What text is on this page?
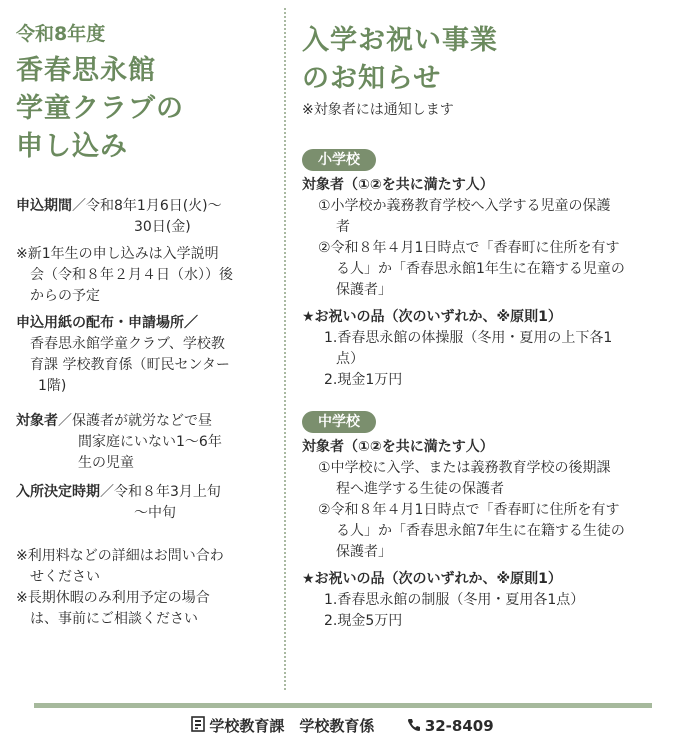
令和8年度

香春思永館

学童クラブの

申し込み

申込期間／令和8年1月6日(火)〜

30日(金)

※新1年生の申し込みは入学説明

会（令和８年２月４日（水））後

からの予定

申込用紙の配布・申請場所／

香春思永館学童クラブ、学校教

育課 学校教育係（町民センター

1階)

対象者／保護者が就労などで昼

間家庭にいない1〜6年

生の児童

入所決定時期／令和８年3月上旬

〜中旬

※利用料などの詳細はお問い合わ

せください

※長期休暇のみ利用予定の場合

は、事前にご相談ください

入学お祝い事業

のお知らせ

※対象者には通知します

小学校

対象者（①②を共に満たす人）

①小学校か義務教育学校へ入学する児童の保護

者

②令和８年４月1日時点で「香春町に住所を有す

る人」か「香春思永館1年生に在籍する児童の

保護者」

★お祝いの品（次のいずれか、※原則1）

1.香春思永館の体操服（冬用・夏用の上下各1

点）

2.現金1万円

中学校

対象者（①②を共に満たす人）

①中学校に入学、または義務教育学校の後期課

程へ進学する生徒の保護者

②令和８年４月1日時点で「香春町に住所を有す

る人」か「香春思永館7年生に在籍する生徒の

保護者」

★お祝いの品（次のいずれか、※原則1）

1.香春思永館の制服（冬用・夏用各1点）

2.現金5万円

学校教育課　学校教育係	32-8409
